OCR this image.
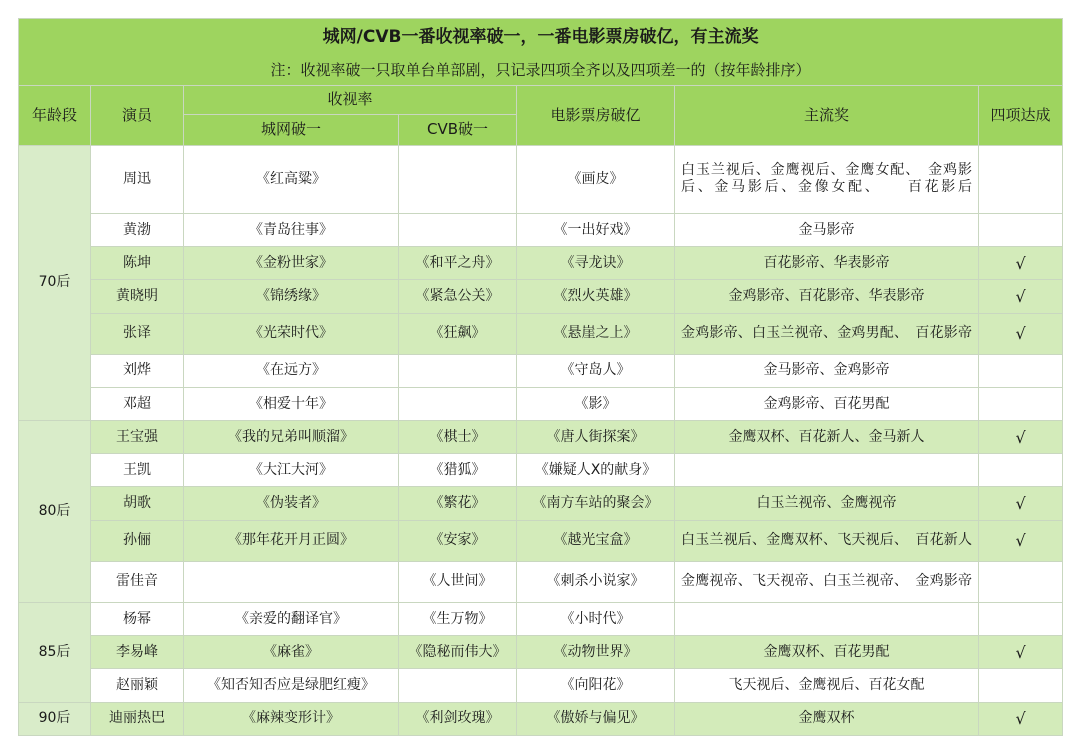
城网/CVB一番收视率破一，一番电影票房破亿，有主流奖						
注：收视率破一只取单台单部剧，只记录四项全齐以及四项差一的（按年龄排序）						
年龄段	演员	收视率		电影票房破亿	主流奖	四项达成
		城网破一	CVB破一			
70后	周迅	《红高粱》		《画皮》	白玉兰视后、金鹰视后、金鹰女配、　金鸡影后、金马影后、金像女配、　　百花影后	
	黄渤	《青岛往事》		《一出好戏》	金马影帝	
	陈坤	《金粉世家》	《和平之舟》	《寻龙诀》	百花影帝、华表影帝	√
	黄晓明	《锦绣缘》	《紧急公关》	《烈火英雄》	金鸡影帝、百花影帝、华表影帝	√
	张译	《光荣时代》	《狂飙》	《悬崖之上》	金鸡影帝、白玉兰视帝、金鸡男配、　百花影帝	√
	刘烨	《在远方》		《守岛人》	金马影帝、金鸡影帝	
	邓超	《相爱十年》		《影》	金鸡影帝、百花男配	
80后	王宝强	《我的兄弟叫顺溜》	《棋士》	《唐人街探案》	金鹰双杯、百花新人、金马新人	√
	王凯	《大江大河》	《猎狐》	《嫌疑人X的献身》		
	胡歌	《伪装者》	《繁花》	《南方车站的聚会》	白玉兰视帝、金鹰视帝	√
	孙俪	《那年花开月正圆》	《安家》	《越光宝盒》	白玉兰视后、金鹰双杯、飞天视后、　百花新人	√
	雷佳音		《人世间》	《刺杀小说家》	金鹰视帝、飞天视帝、白玉兰视帝、　金鸡影帝	
85后	杨幂	《亲爱的翻译官》	《生万物》	《小时代》		
	李易峰	《麻雀》	《隐秘而伟大》	《动物世界》	金鹰双杯、百花男配	√
	赵丽颖	《知否知否应是绿肥红瘦》		《向阳花》	飞天视后、金鹰视后、百花女配	
90后	迪丽热巴	《麻辣变形计》	《利剑玫瑰》	《傲娇与偏见》	金鹰双杯	√
